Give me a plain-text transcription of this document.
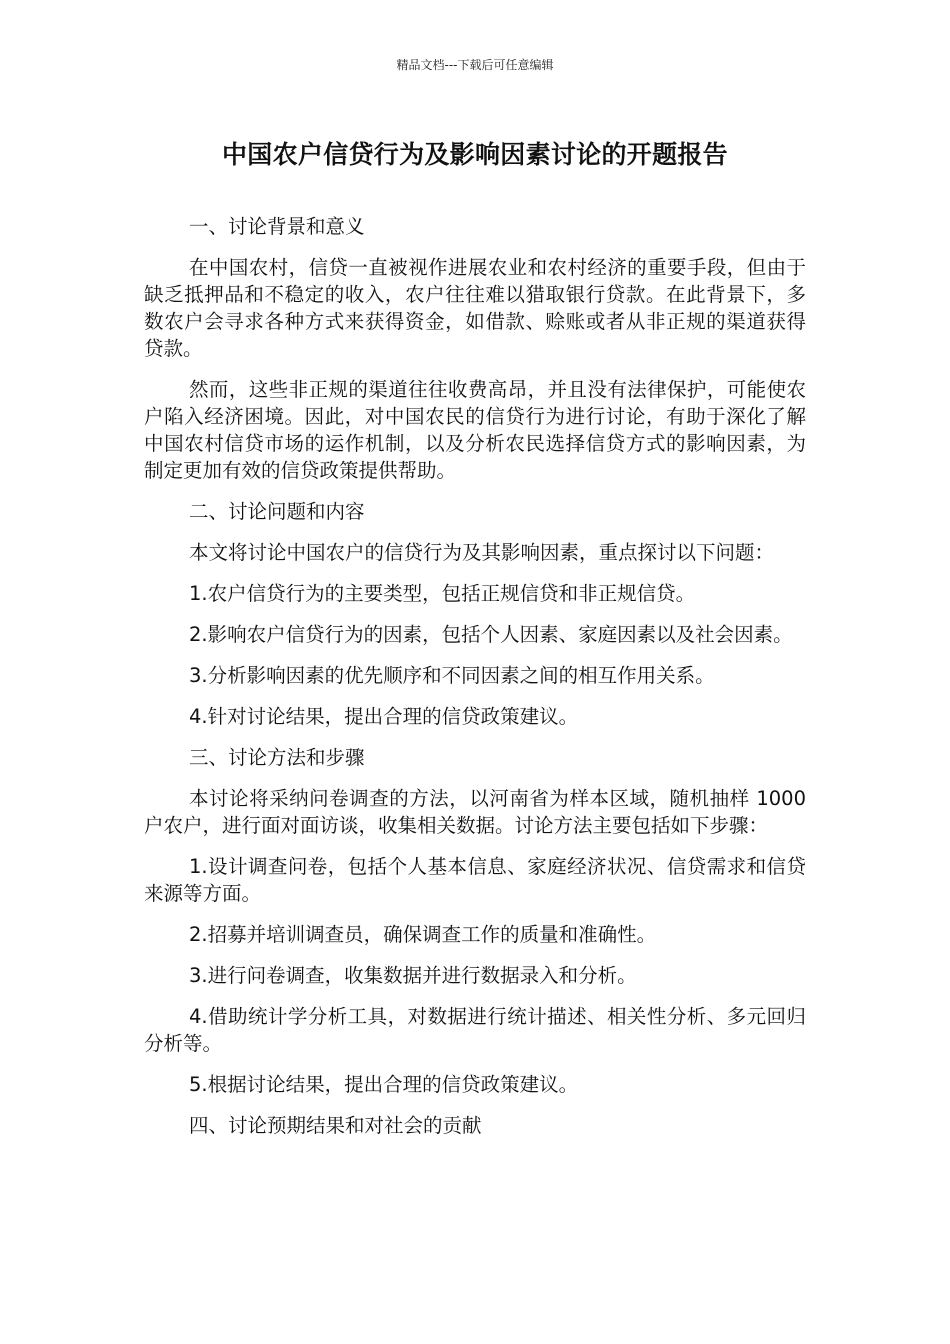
精品文档---下载后可任意编辑
中国农户信贷行为及影响因素讨论的开题报告

一、讨论背景和意义

在中国农村，信贷一直被视作进展农业和农村经济的重要手段，但由于缺乏抵押品和不稳定的收入，农户往往难以猎取银行贷款。在此背景下，多数农户会寻求各种方式来获得资金，如借款、赊账或者从非正规的渠道获得贷款。

然而，这些非正规的渠道往往收费高昂，并且没有法律保护，可能使农户陷入经济困境。因此，对中国农民的信贷行为进行讨论，有助于深化了解中国农村信贷市场的运作机制，以及分析农民选择信贷方式的影响因素，为制定更加有效的信贷政策提供帮助。

二、讨论问题和内容

本文将讨论中国农户的信贷行为及其影响因素，重点探讨以下问题：

1.农户信贷行为的主要类型，包括正规信贷和非正规信贷。

2.影响农户信贷行为的因素，包括个人因素、家庭因素以及社会因素。

3.分析影响因素的优先顺序和不同因素之间的相互作用关系。

4.针对讨论结果，提出合理的信贷政策建议。

三、讨论方法和步骤

本讨论将采纳问卷调查的方法，以河南省为样本区域，随机抽样 1000 户农户，进行面对面访谈，收集相关数据。讨论方法主要包括如下步骤：

1.设计调查问卷，包括个人基本信息、家庭经济状况、信贷需求和信贷来源等方面。

2.招募并培训调查员，确保调查工作的质量和准确性。

3.进行问卷调查，收集数据并进行数据录入和分析。

4.借助统计学分析工具，对数据进行统计描述、相关性分析、多元回归分析等。

5.根据讨论结果，提出合理的信贷政策建议。

四、讨论预期结果和对社会的贡献
